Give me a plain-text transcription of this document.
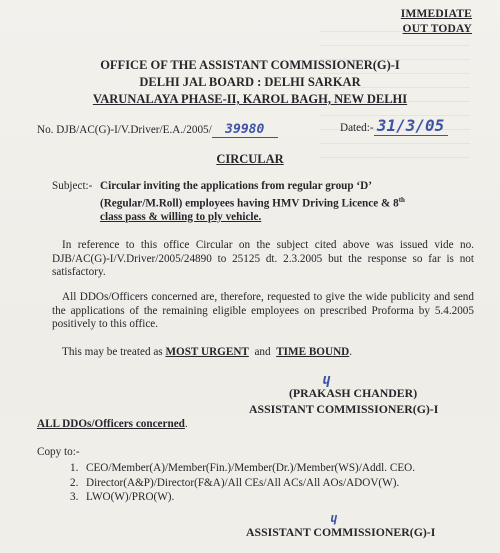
IMMEDIATE
OUT TODAY
OFFICE OF THE ASSISTANT COMMISSIONER(G)-I
DELHI JAL BOARD : DELHI SARKAR
VARUNALAYA PHASE-II, KAROL BAGH, NEW DELHI
No. DJB/AC(G)-I/V.Driver/E.A./2005/ 39980	Dated:- 31/3/05
CIRCULAR
Subject:- Circular inviting the applications from regular group ‘D’
(Regular/M.Roll) employees having HMV Driving Licence & 8th
class pass & willing to ply vehicle.
In reference to this office Circular on the subject cited above was issued vide no. DJB/AC(G)-I/V.Driver/2005/24890 to 25125 dt. 2.3.2005 but the response so far is not satisfactory.
All DDOs/Officers concerned are, therefore, requested to give the wide publicity and send the applications of the remaining eligible employees on prescribed Proforma by 5.4.2005 positively to this office.
This may be treated as MOST URGENT  and  TIME BOUND.
(PRAKASH CHANDER)
ASSISTANT COMMISSIONER(G)-I
ɥ
ALL DDOs/Officers concerned.
Copy to:-
1. CEO/Member(A)/Member(Fin.)/Member(Dr.)/Member(WS)/Addl. CEO.
2. Director(A&P)/Director(F&A)/All CEs/All ACs/All AOs/ADOV(W).
3. LWO(W)/PRO(W).
ɥ
ASSISTANT COMMISSIONER(G)-I
